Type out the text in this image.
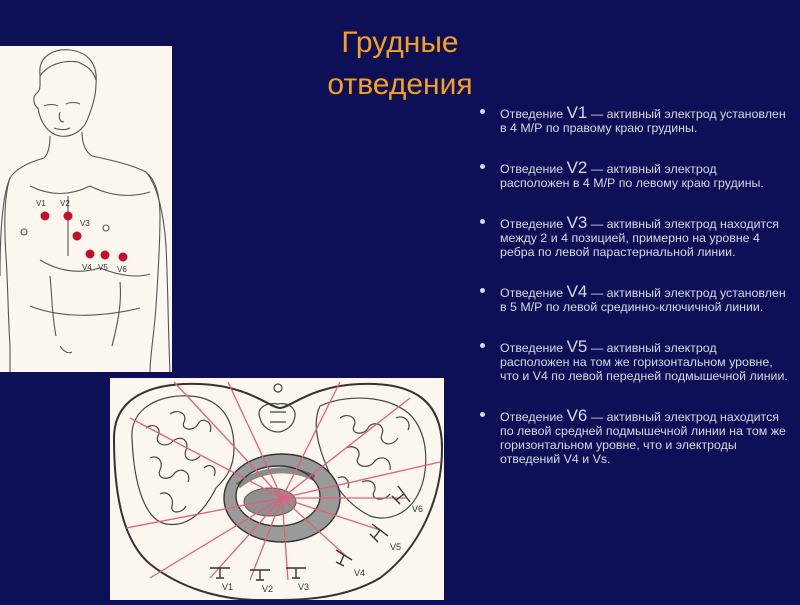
Грудные
отведения
V1 V2
V3
V4 V5 V6
V1	V2	V3
V4
V5
V6
Отведение V1 — активный электрод установлен в 4 М/Р по правому краю грудины.
Отведение V2 — активный электрод расположен в 4 М/Р по левому краю грудины.
Отведение V3 — активный электрод находится между 2 и 4 позицией, примерно на уровне 4 ребра по левой парастернальной линии.
Отведение V4 — активный электрод установлен в 5 М/Р по левой срединно-ключичной линии.
Отведение V5 — активный электрод расположен на том же горизонтальном уровне, что и V4 по левой передней подмышечной линии.
Отведение V6 — активный электрод находится по левой средней подмышечной линии на том же горизонтальном уровне, что и электроды отведений V4 и Vs.
